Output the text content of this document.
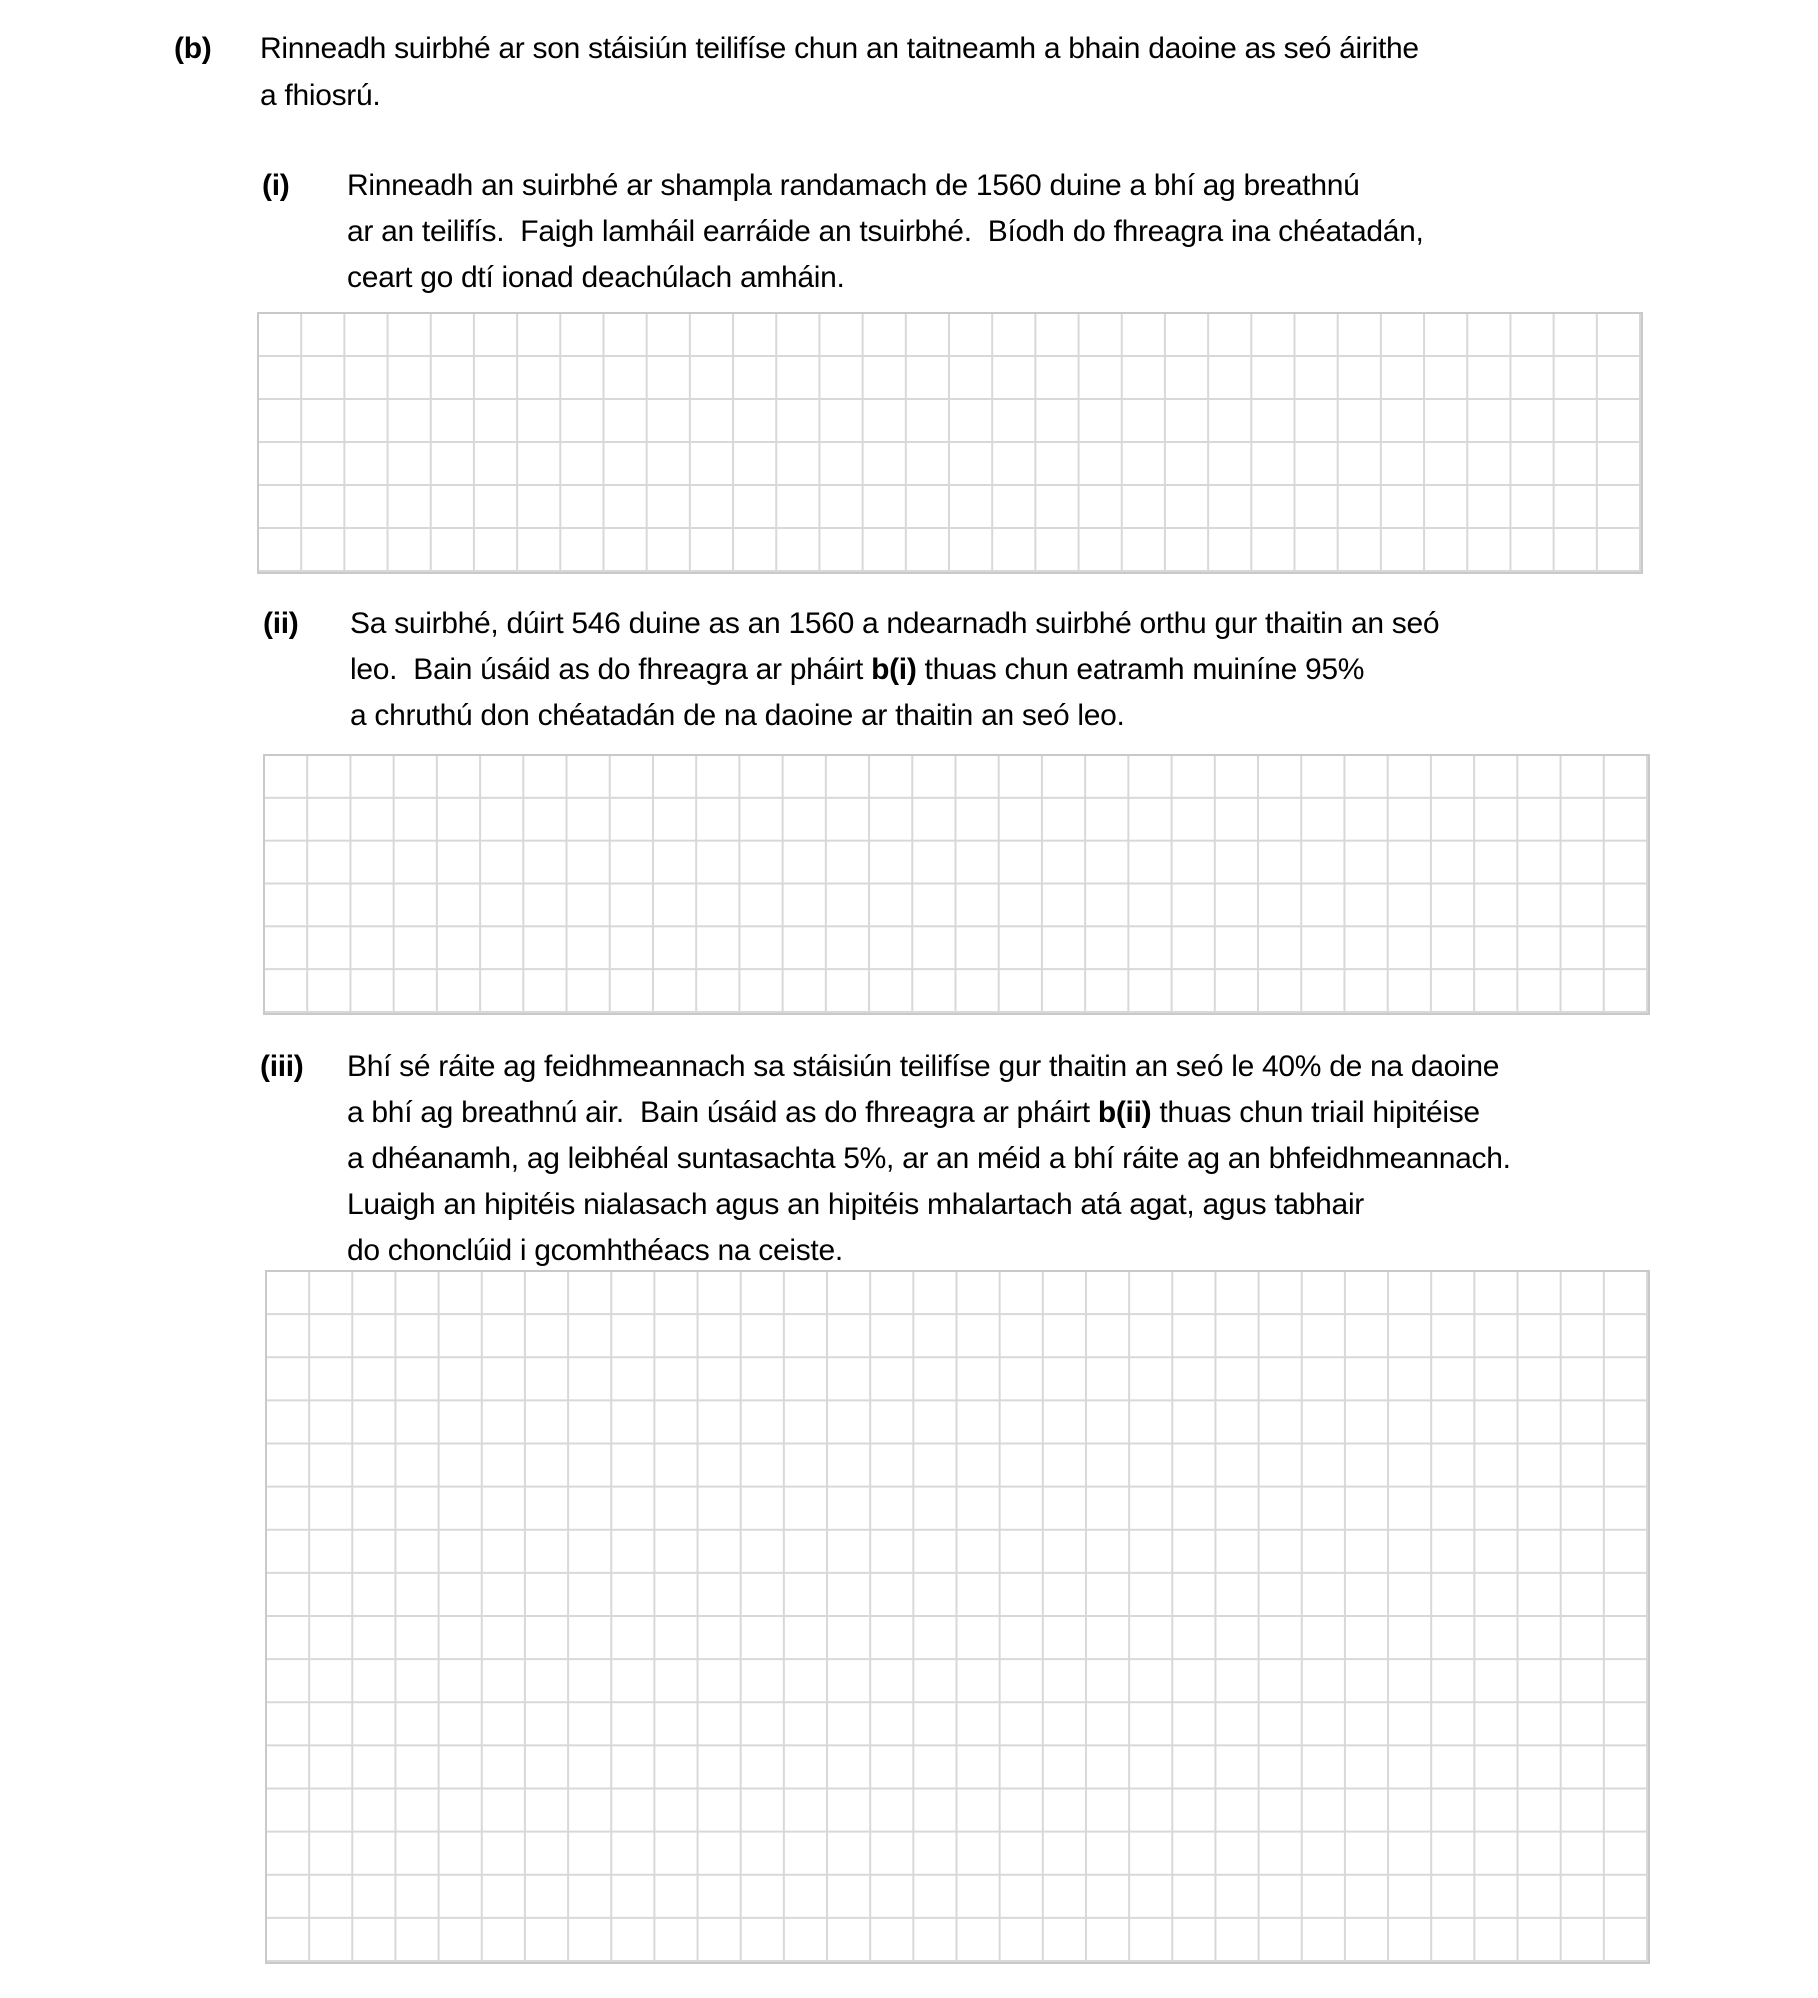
(b) Rinneadh suirbhé ar son stáisiún teilifíse chun an taitneamh a bhain daoine as seó áirithe
a fhiosrú.
(i) Rinneadh an suirbhé ar shampla randamach de 1560 duine a bhí ag breathnú
ar an teilifís.  Faigh lamháil earráide an tsuirbhé.  Bíodh do fhreagra ina chéatadán,
ceart go dtí ionad deachúlach amháin.
(ii) Sa suirbhé, dúirt 546 duine as an 1560 a ndearnadh suirbhé orthu gur thaitin an seó
leo.  Bain úsáid as do fhreagra ar pháirt b(i) thuas chun eatramh muiníne 95%
a chruthú don chéatadán de na daoine ar thaitin an seó leo.
(iii) Bhí sé ráite ag feidhmeannach sa stáisiún teilifíse gur thaitin an seó le 40% de na daoine
a bhí ag breathnú air.  Bain úsáid as do fhreagra ar pháirt b(ii) thuas chun triail hipitéise
a dhéanamh, ag leibhéal suntasachta 5%, ar an méid a bhí ráite ag an bhfeidhmeannach.
Luaigh an hipitéis nialasach agus an hipitéis mhalartach atá agat, agus tabhair
do chonclúid i gcomhthéacs na ceiste.
